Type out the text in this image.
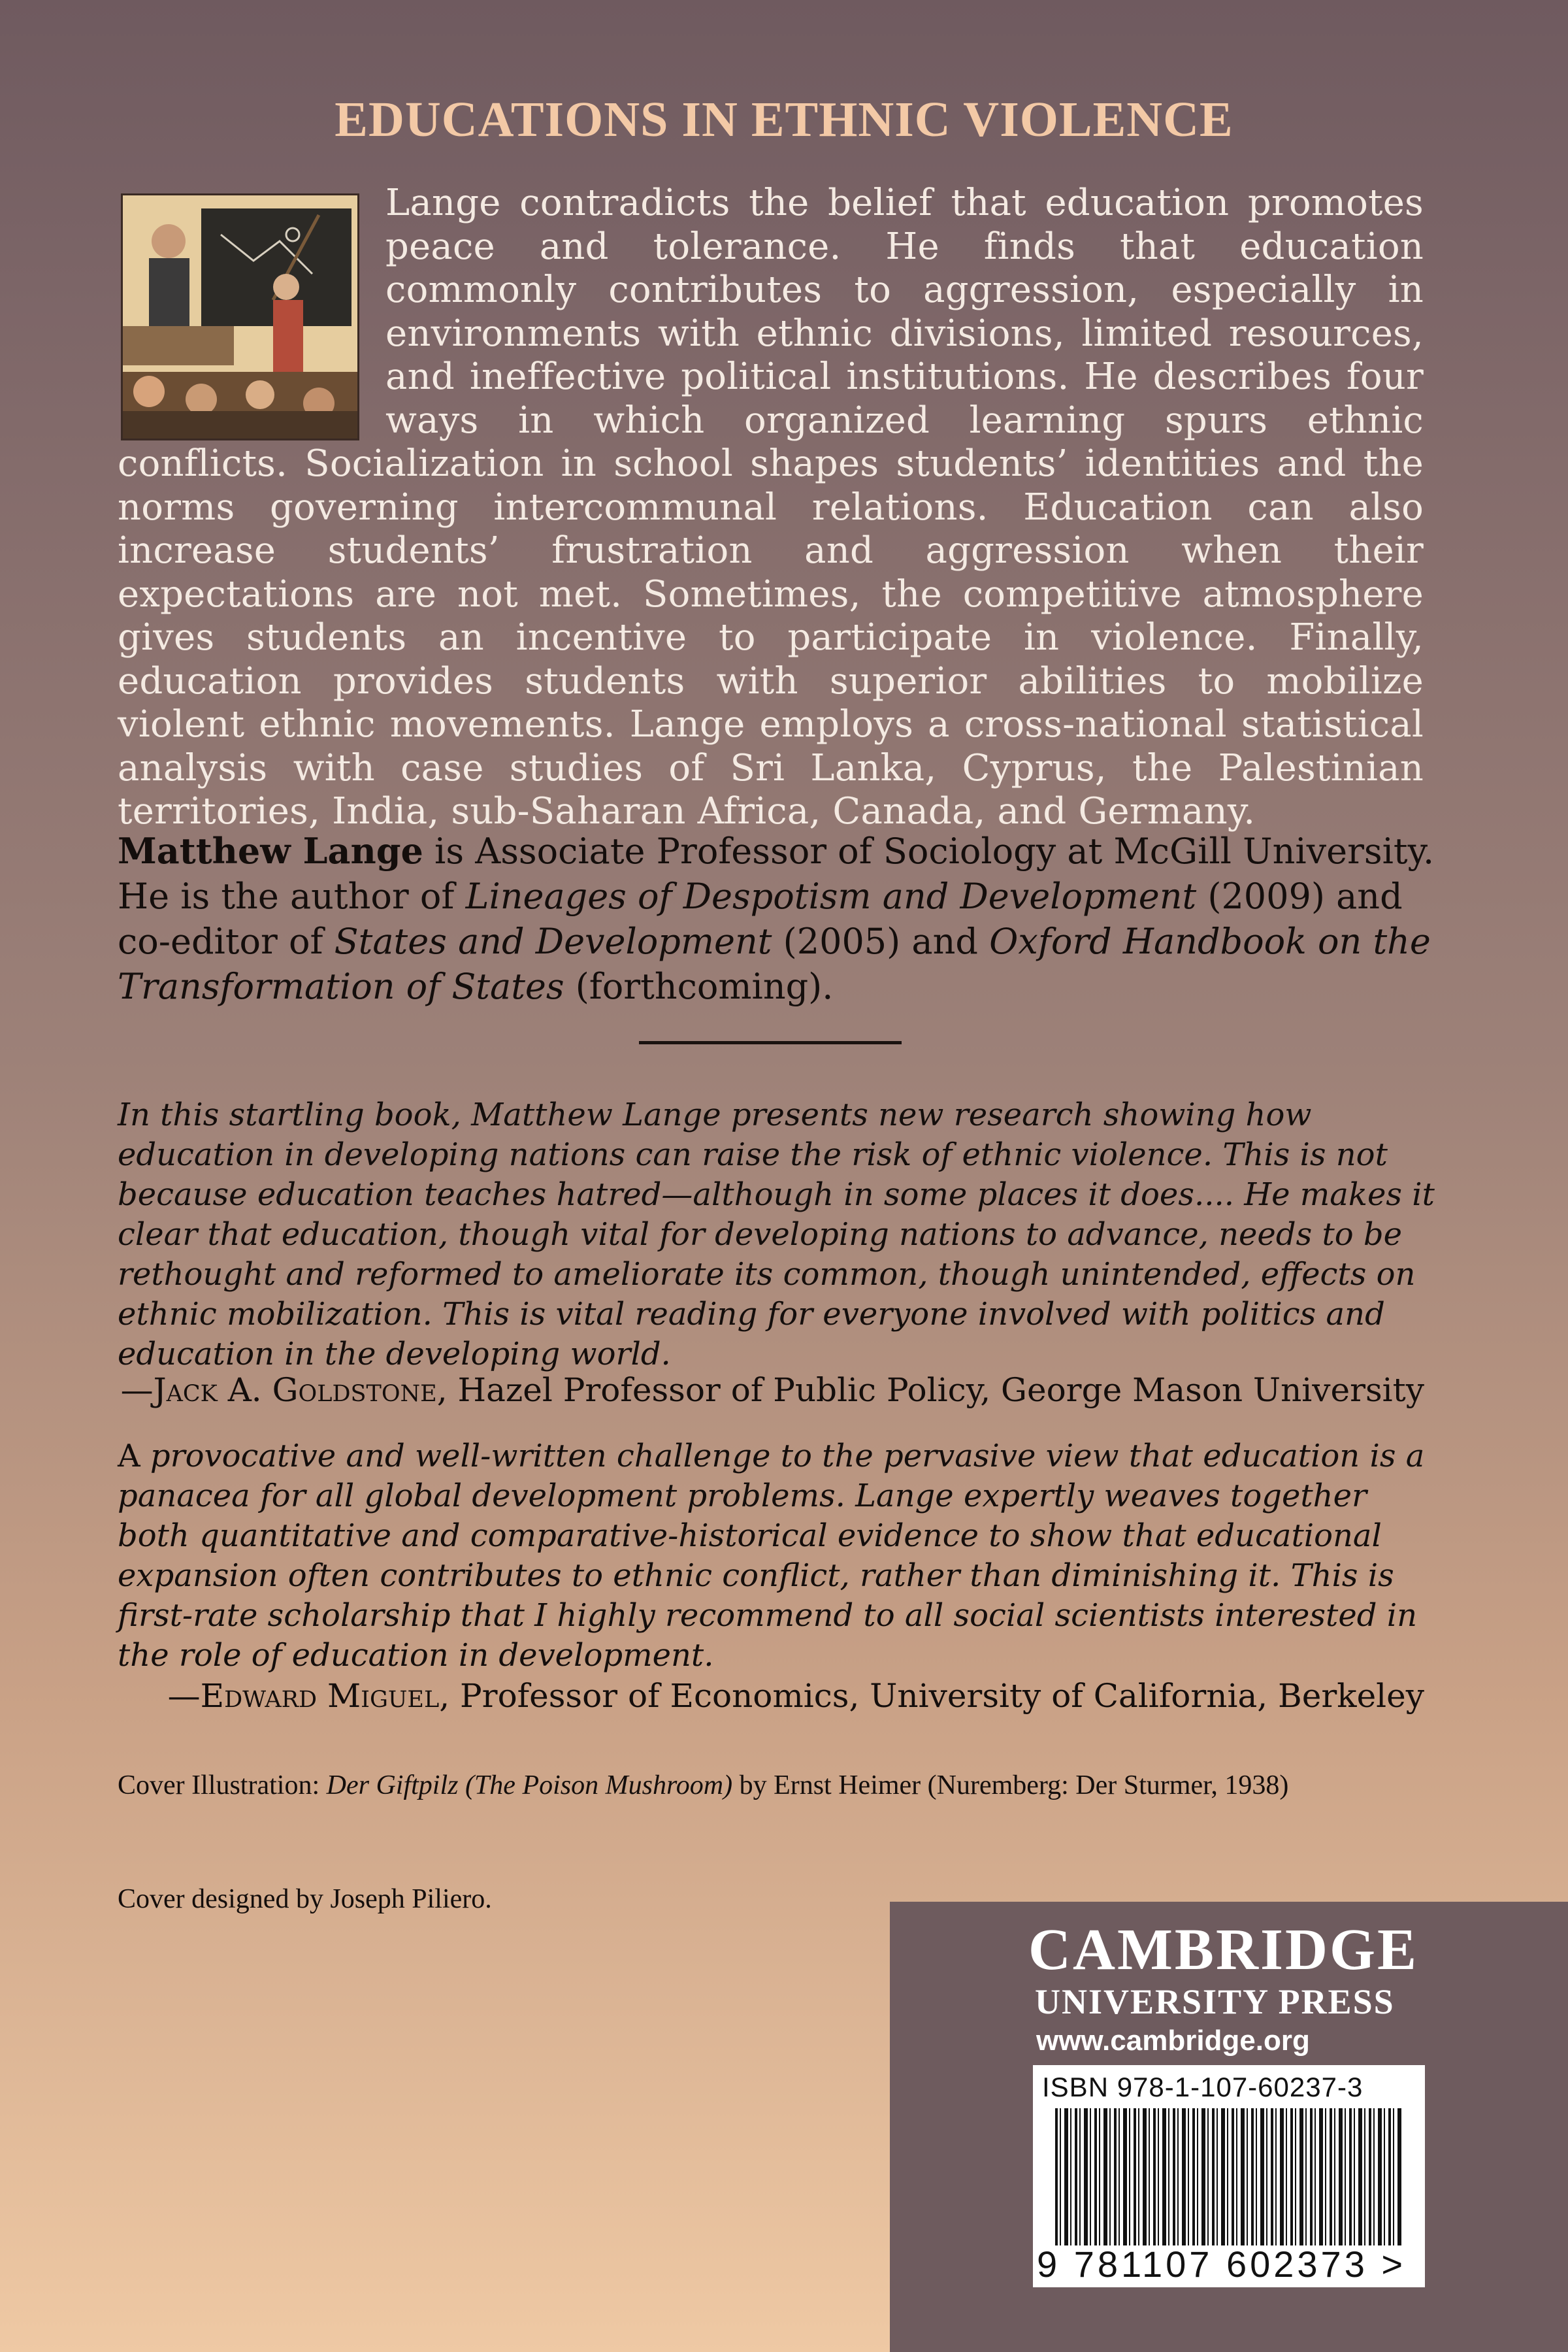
EDUCATIONS IN ETHNIC VIOLENCE

Lange contradicts the belief that education promotes peace and tolerance. He finds that education commonly contributes to aggression, especially in environments with ethnic divisions, limited resources, and ineffective political institutions. He describes four ways in which organized learning spurs ethnic conflicts. Socialization in school shapes students’ identities and the norms governing intercommunal relations. Education can also increase students’ frustration and aggression when their expectations are not met. Sometimes, the competitive atmosphere gives students an incentive to participate in violence. Finally, education provides students with superior abilities to mobilize violent ethnic movements. Lange employs a cross-national statistical analysis with case studies of Sri Lanka, Cyprus, the Palestinian territories, India, sub-Saharan Africa, Canada, and Germany.

Matthew Lange is Associate Professor of Sociology at McGill University. He is the author of Lineages of Despotism and Development (2009) and co-editor of States and Development (2005) and Oxford Handbook on the Transformation of States (forthcoming).

In this startling book, Matthew Lange presents new research showing how education in developing nations can raise the risk of ethnic violence. This is not because education teaches hatred—although in some places it does.... He makes it clear that education, though vital for developing nations to advance, needs to be rethought and reformed to ameliorate its common, though unintended, effects on ethnic mobilization. This is vital reading for everyone involved with politics and education in the developing world.

—Jack A. Goldstone, Hazel Professor of Public Policy, George Mason University

A provocative and well-written challenge to the pervasive view that education is a panacea for all global development problems. Lange expertly weaves together both quantitative and comparative-historical evidence to show that educational expansion often contributes to ethnic conflict, rather than diminishing it. This is first-rate scholarship that I highly recommend to all social scientists interested in the role of education in development.

—Edward Miguel, Professor of Economics, University of California, Berkeley

Cover Illustration: Der Giftpilz (The Poison Mushroom) by Ernst Heimer (Nuremberg: Der Sturmer, 1938)

Cover designed by Joseph Piliero.

CAMBRIDGE

UNIVERSITY PRESS

www.cambridge.org

ISBN 978-1-107-60237-3

9 781107 602373 >
